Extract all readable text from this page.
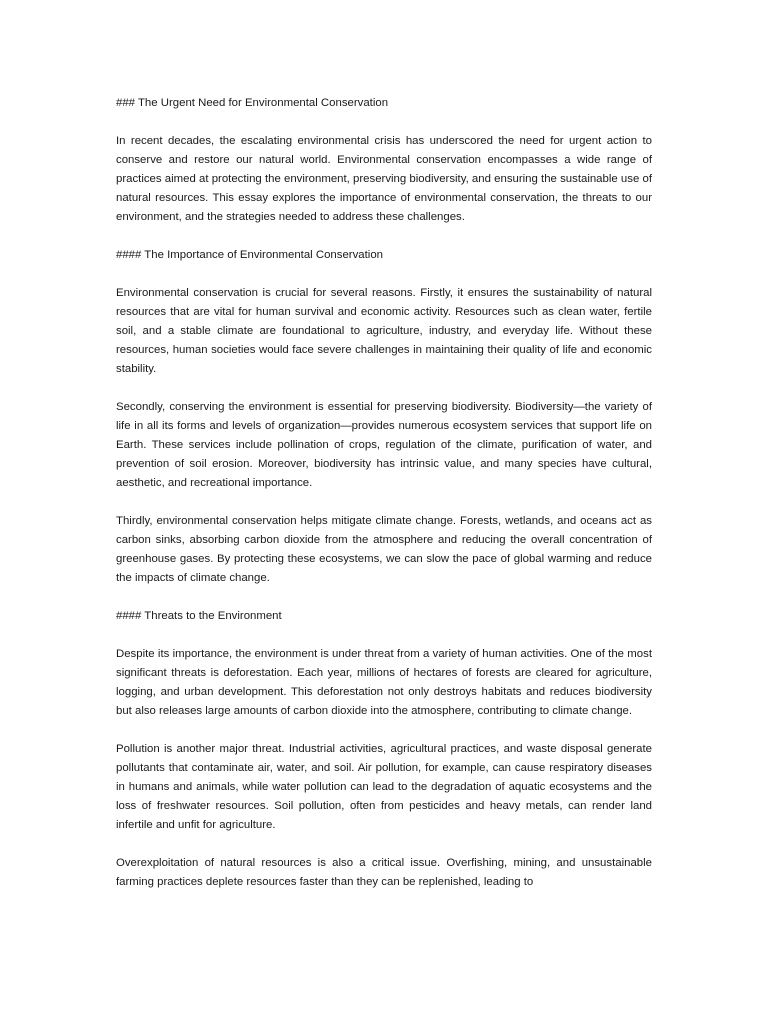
### The Urgent Need for Environmental Conservation

In recent decades, the escalating environmental crisis has underscored the need for urgent action to conserve and restore our natural world. Environmental conservation encompasses a wide range of practices aimed at protecting the environment, preserving biodiversity, and ensuring the sustainable use of natural resources. This essay explores the importance of environmental conservation, the threats to our environment, and the strategies needed to address these challenges.

#### The Importance of Environmental Conservation

Environmental conservation is crucial for several reasons. Firstly, it ensures the sustainability of natural resources that are vital for human survival and economic activity. Resources such as clean water, fertile soil, and a stable climate are foundational to agriculture, industry, and everyday life. Without these resources, human societies would face severe challenges in maintaining their quality of life and economic stability.

Secondly, conserving the environment is essential for preserving biodiversity. Biodiversity—the variety of life in all its forms and levels of organization—provides numerous ecosystem services that support life on Earth. These services include pollination of crops, regulation of the climate, purification of water, and prevention of soil erosion. Moreover, biodiversity has intrinsic value, and many species have cultural, aesthetic, and recreational importance.

Thirdly, environmental conservation helps mitigate climate change. Forests, wetlands, and oceans act as carbon sinks, absorbing carbon dioxide from the atmosphere and reducing the overall concentration of greenhouse gases. By protecting these ecosystems, we can slow the pace of global warming and reduce the impacts of climate change.

#### Threats to the Environment

Despite its importance, the environment is under threat from a variety of human activities. One of the most significant threats is deforestation. Each year, millions of hectares of forests are cleared for agriculture, logging, and urban development. This deforestation not only destroys habitats and reduces biodiversity but also releases large amounts of carbon dioxide into the atmosphere, contributing to climate change.

Pollution is another major threat. Industrial activities, agricultural practices, and waste disposal generate pollutants that contaminate air, water, and soil. Air pollution, for example, can cause respiratory diseases in humans and animals, while water pollution can lead to the degradation of aquatic ecosystems and the loss of freshwater resources. Soil pollution, often from pesticides and heavy metals, can render land infertile and unfit for agriculture.

Overexploitation of natural resources is also a critical issue. Overfishing, mining, and unsustainable farming practices deplete resources faster than they can be replenished, leading to
